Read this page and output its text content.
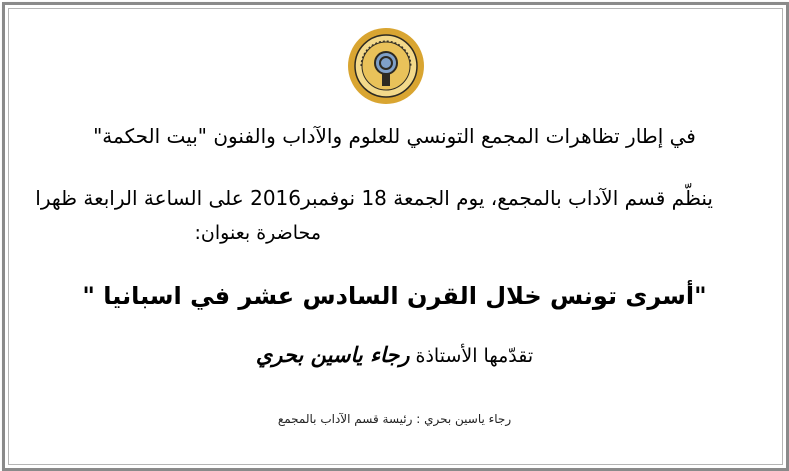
في إطار تظاهرات المجمع التونسي للعلوم والآداب والفنون "بيت الحكمة"
ينظّم قسم الآداب بالمجمع، يوم الجمعة 18 نوفمبر2016 على الساعة الرابعة ظهرا
محاضرة بعنوان:
"أسرى تونس خلال القرن السادس عشر في اسبانيا "
تقدّمها الأستاذة رجاء ياسين بحري
رجاء ياسين بحري : رئيسة قسم الآداب بالمجمع
